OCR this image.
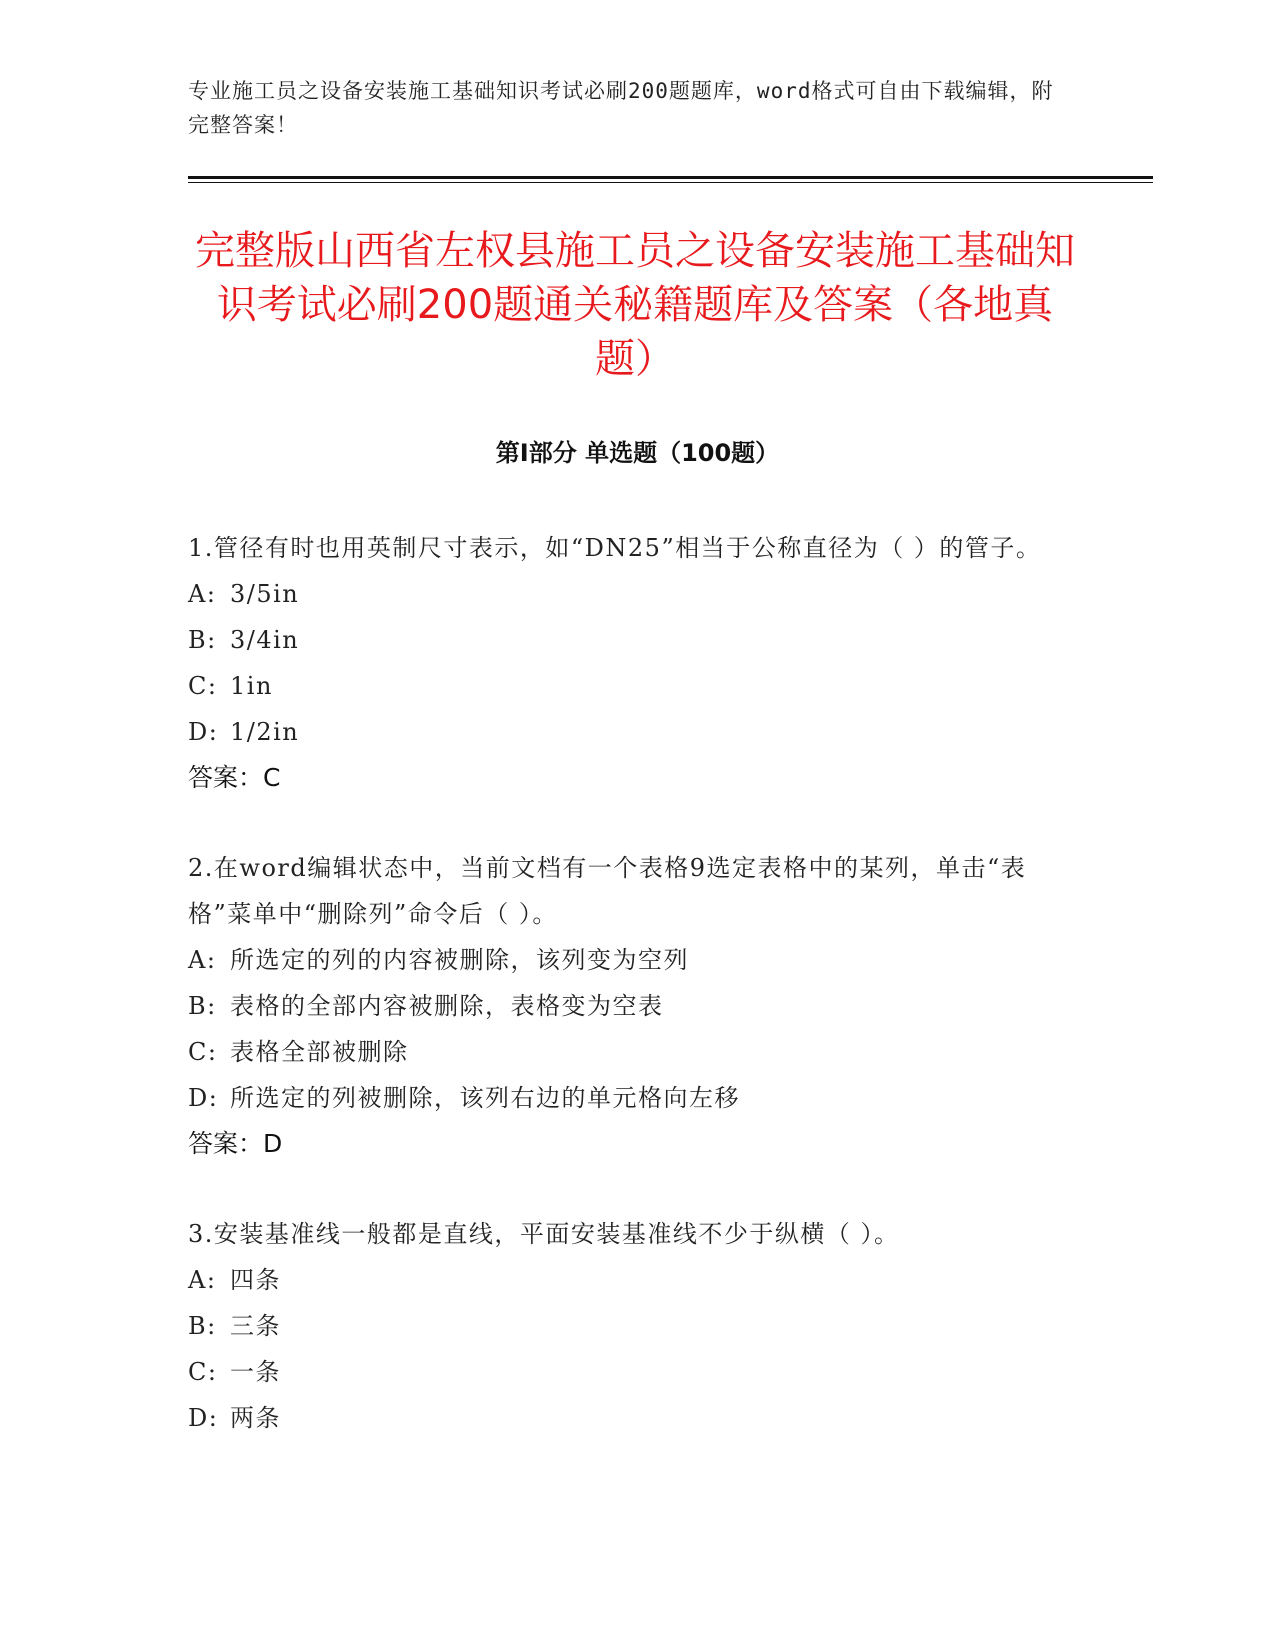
专业施工员之设备安装施工基础知识考试必刷200题题库，word格式可自由下载编辑，附完整答案！
完整版山西省左权县施工员之设备安装施工基础知识考试必刷200题通关秘籍题库及答案（各地真题）
第Ⅰ部分 单选题（100题）

1.管径有时也用英制尺寸表示，如“DN25”相当于公称直径为（ ）的管子。

A: 3/5in

B: 3/4in

C: 1in

D: 1/2in

答案：C

2.在word编辑状态中，当前文档有一个表格9选定表格中的某列，单击“表格”菜单中“删除列”命令后（ ）。

A: 所选定的列的内容被删除，该列变为空列

B: 表格的全部内容被删除，表格变为空表

C: 表格全部被删除

D: 所选定的列被删除，该列右边的单元格向左移

答案：D

3.安装基准线一般都是直线，平面安装基准线不少于纵横（ ）。

A: 四条

B: 三条

C: 一条

D: 两条
